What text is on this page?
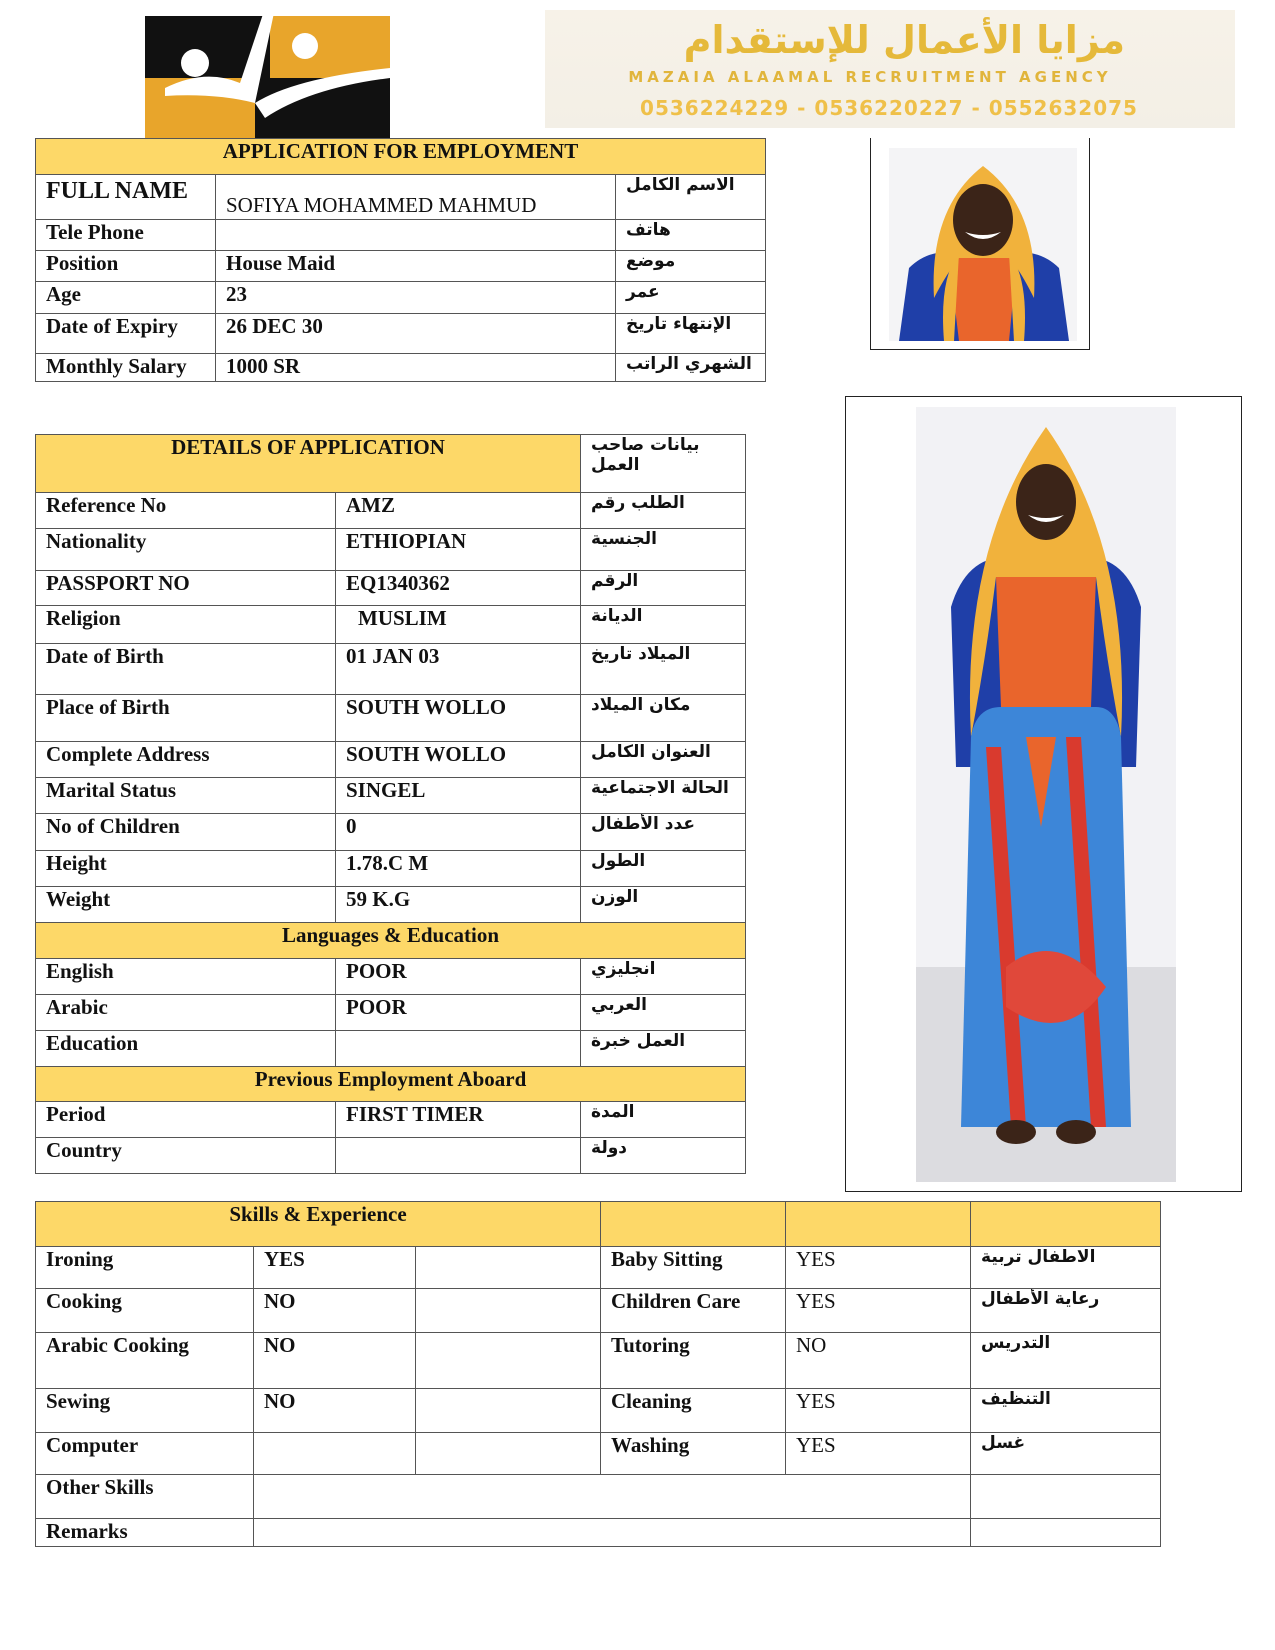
مزايا الأعمال للإستقدام
MAZAIA ALAAMAL RECRUITMENT AGENCY
0536224229 - 0536220227 - 0552632075
APPLICATION FOR EMPLOYMENT		
FULL NAME	SOFIYA MOHAMMED MAHMUD	الاسم الكامل
Tele Phone		هاتف
Position	House Maid	موضع
Age	23	عمر
Date of Expiry	26 DEC 30	الإنتهاء تاريخ
Monthly Salary	1000 SR	الشهري الراتب
DETAILS OF APPLICATION		بيانات صاحب العمل
Reference No	AMZ	الطلب رقم
Nationality	ETHIOPIAN	الجنسية
PASSPORT NO	EQ1340362	الرقم
Religion	MUSLIM	الديانة
Date of Birth	01 JAN 03	الميلاد تاريخ
Place of Birth	SOUTH WOLLO	مكان الميلاد
Complete Address	SOUTH WOLLO	العنوان الكامل
Marital Status	SINGEL	الحالة الاجتماعية
No of Children	0	عدد الأطفال
Height	1.78.C M	الطول
Weight	59 K.G	الوزن
Languages & Education		
English	POOR	انجليزي
Arabic	POOR	العربي
Education		العمل خبرة
Previous Employment Aboard		
Period	FIRST TIMER	المدة
Country		دولة
Skills & Experience					
Ironing	YES		Baby Sitting	YES	الاطفال تربية
Cooking	NO		Children Care	YES	رعاية الأطفال
Arabic Cooking	NO		Tutoring	NO	التدريس
Sewing	NO		Cleaning	YES	التنظيف
Computer			Washing	YES	غسل
Other Skills					
Remarks					
